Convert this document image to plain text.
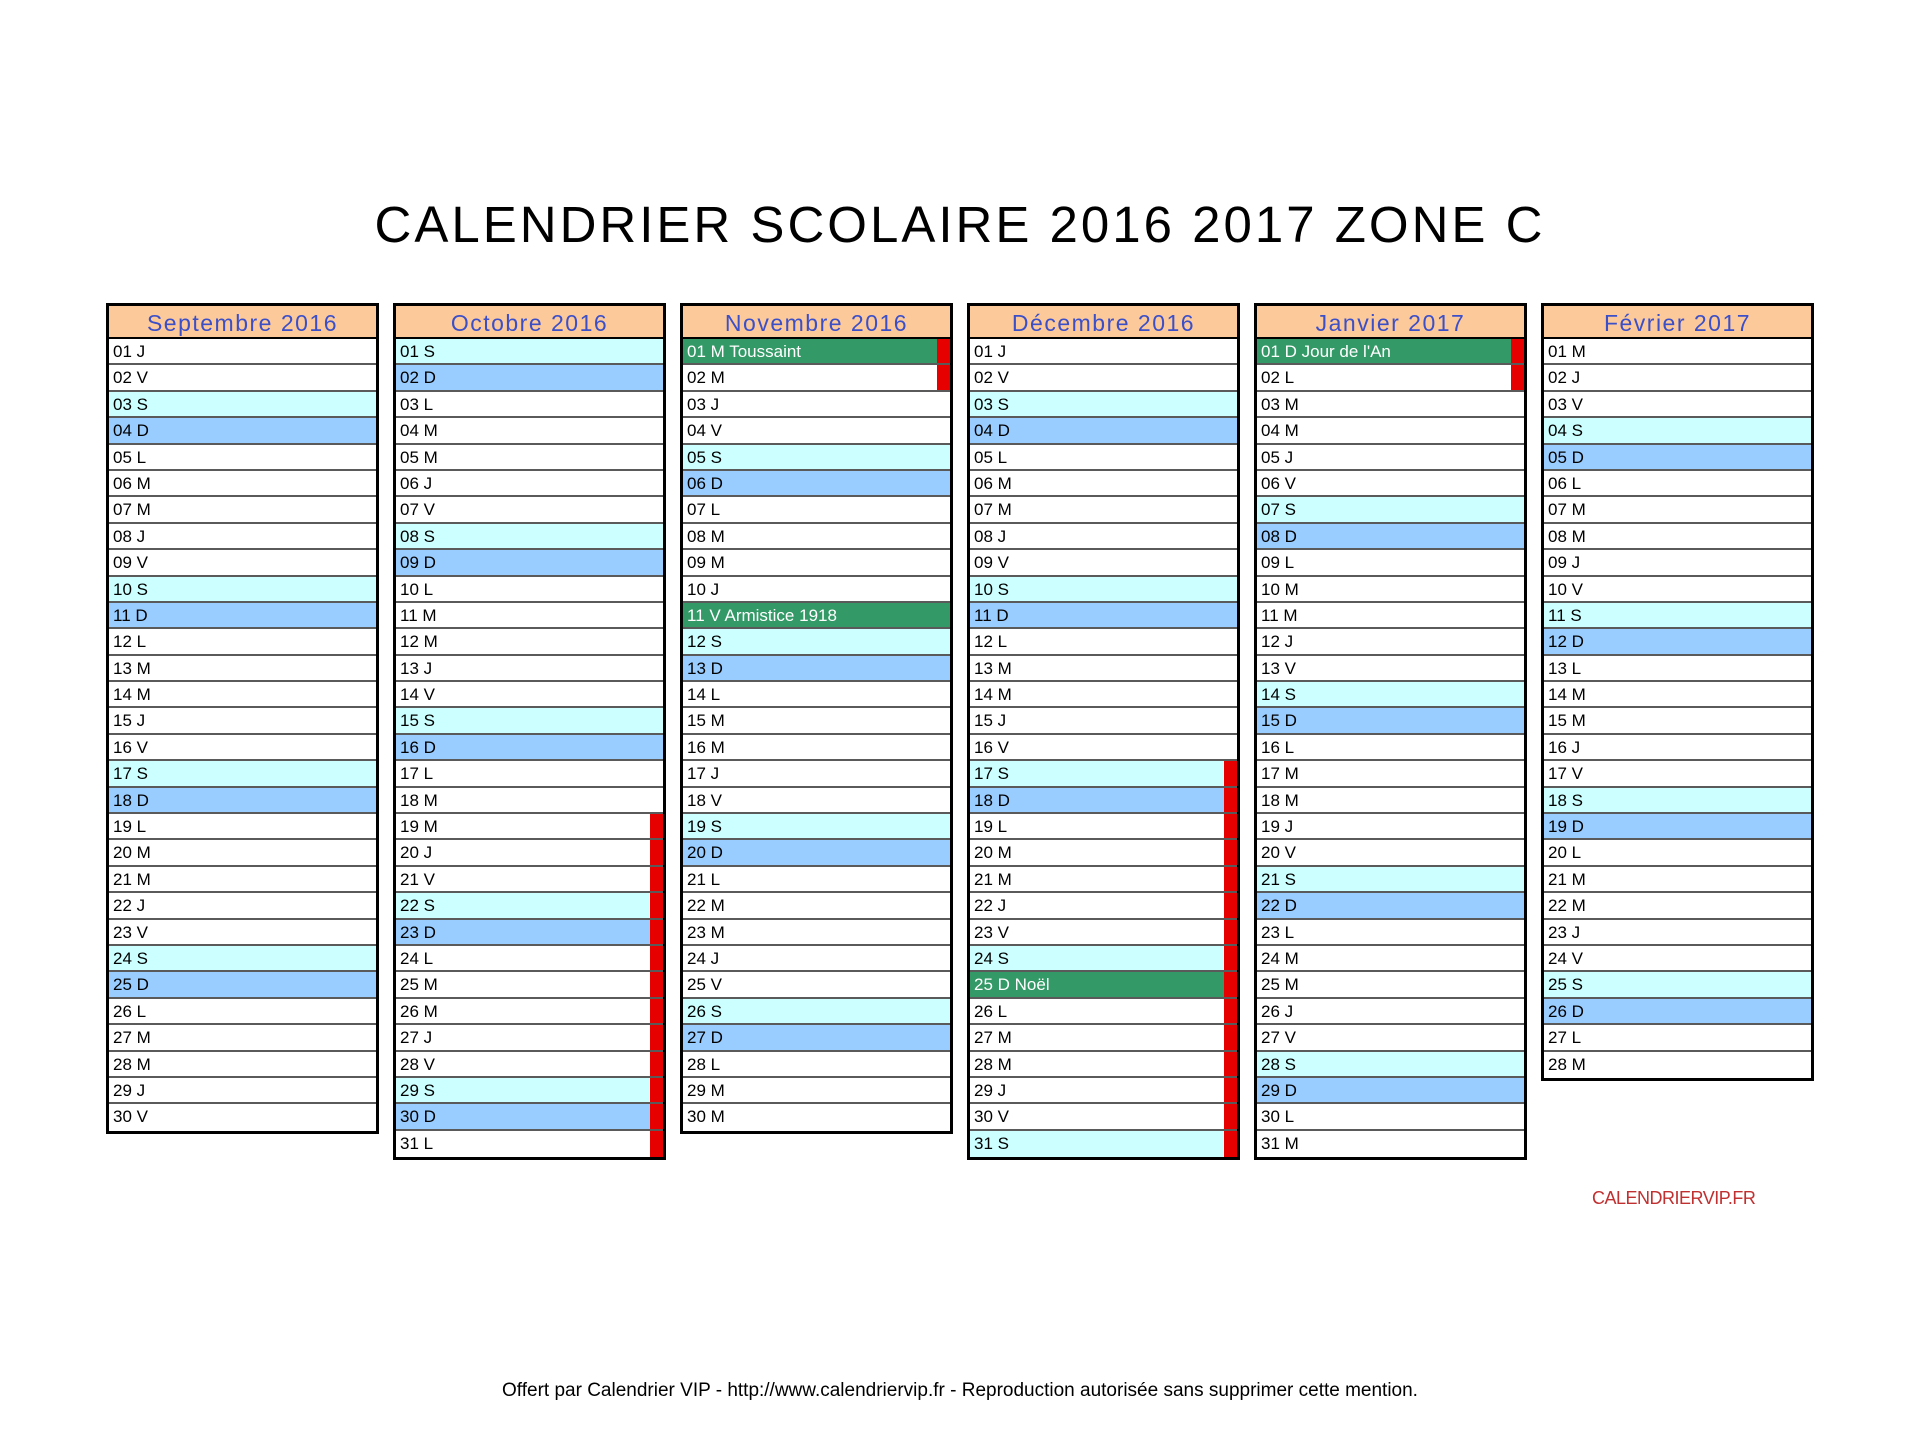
CALENDRIER SCOLAIRE 2016 2017 ZONE C
Septembre 2016
01 J
02 V
03 S
04 D
05 L
06 M
07 M
08 J
09 V
10 S
11 D
12 L
13 M
14 M
15 J
16 V
17 S
18 D
19 L
20 M
21 M
22 J
23 V
24 S
25 D
26 L
27 M
28 M
29 J
30 V
Octobre 2016
01 S
02 D
03 L
04 M
05 M
06 J
07 V
08 S
09 D
10 L
11 M
12 M
13 J
14 V
15 S
16 D
17 L
18 M
19 M
20 J
21 V
22 S
23 D
24 L
25 M
26 M
27 J
28 V
29 S
30 D
31 L
Novembre 2016
01 M Toussaint
02 M
03 J
04 V
05 S
06 D
07 L
08 M
09 M
10 J
11 V Armistice 1918
12 S
13 D
14 L
15 M
16 M
17 J
18 V
19 S
20 D
21 L
22 M
23 M
24 J
25 V
26 S
27 D
28 L
29 M
30 M
Décembre 2016
01 J
02 V
03 S
04 D
05 L
06 M
07 M
08 J
09 V
10 S
11 D
12 L
13 M
14 M
15 J
16 V
17 S
18 D
19 L
20 M
21 M
22 J
23 V
24 S
25 D Noël
26 L
27 M
28 M
29 J
30 V
31 S
Janvier 2017
01 D Jour de l'An
02 L
03 M
04 M
05 J
06 V
07 S
08 D
09 L
10 M
11 M
12 J
13 V
14 S
15 D
16 L
17 M
18 M
19 J
20 V
21 S
22 D
23 L
24 M
25 M
26 J
27 V
28 S
29 D
30 L
31 M
Février 2017
01 M
02 J
03 V
04 S
05 D
06 L
07 M
08 M
09 J
10 V
11 S
12 D
13 L
14 M
15 M
16 J
17 V
18 S
19 D
20 L
21 M
22 M
23 J
24 V
25 S
26 D
27 L
28 M
CALENDRIERVIP.FR
Offert par Calendrier VIP - http://www.calendriervip.fr - Reproduction autorisée sans supprimer cette mention.
